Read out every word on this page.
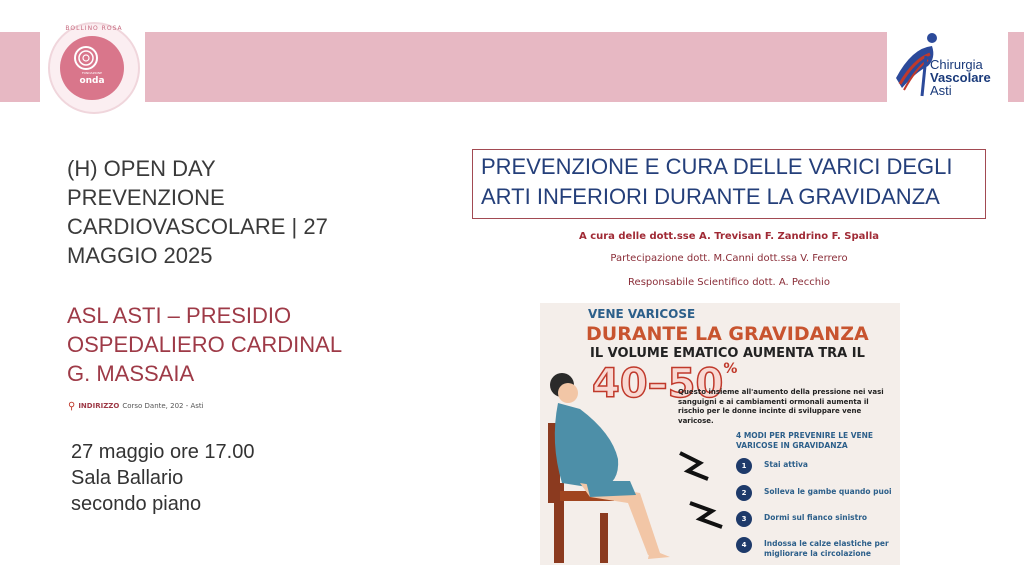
BOLLINO ROSA
FONDAZIONE
onda
Chirurgia
Vascolare
Asti
(H) OPEN DAY
PREVENZIONE
CARDIOVASCOLARE | 27
MAGGIO 2025
ASL ASTI – PRESIDIO
OSPEDALIERO CARDINAL
G. MASSAIA
⚲ INDIRIZZO Corso Dante, 202 - Asti
27 maggio ore 17.00
Sala Ballario
secondo piano
PREVENZIONE E CURA DELLE VARICI DEGLI
ARTI INFERIORI DURANTE LA GRAVIDANZA
A cura delle dott.sse A. Trevisan F. Zandrino F. Spalla
Partecipazione dott. M.Canni dott.ssa V. Ferrero
Responsabile Scientifico dott. A. Pecchio
VENE VARICOSE
DURANTE LA GRAVIDANZA
IL VOLUME EMATICO AUMENTA TRA IL
40–50%
Questo insieme all'aumento della pressione nei vasi sanguigni e ai cambiamenti ormonali aumenta il rischio per le donne incinte di sviluppare vene varicose.
4 MODI PER PREVENIRE LE VENE VARICOSE IN GRAVIDANZA
1	Stai attiva
2	Solleva le gambe quando puoi
3	Dormi sul fianco sinistro
4	Indossa le calze elastiche per migliorare la circolazione
